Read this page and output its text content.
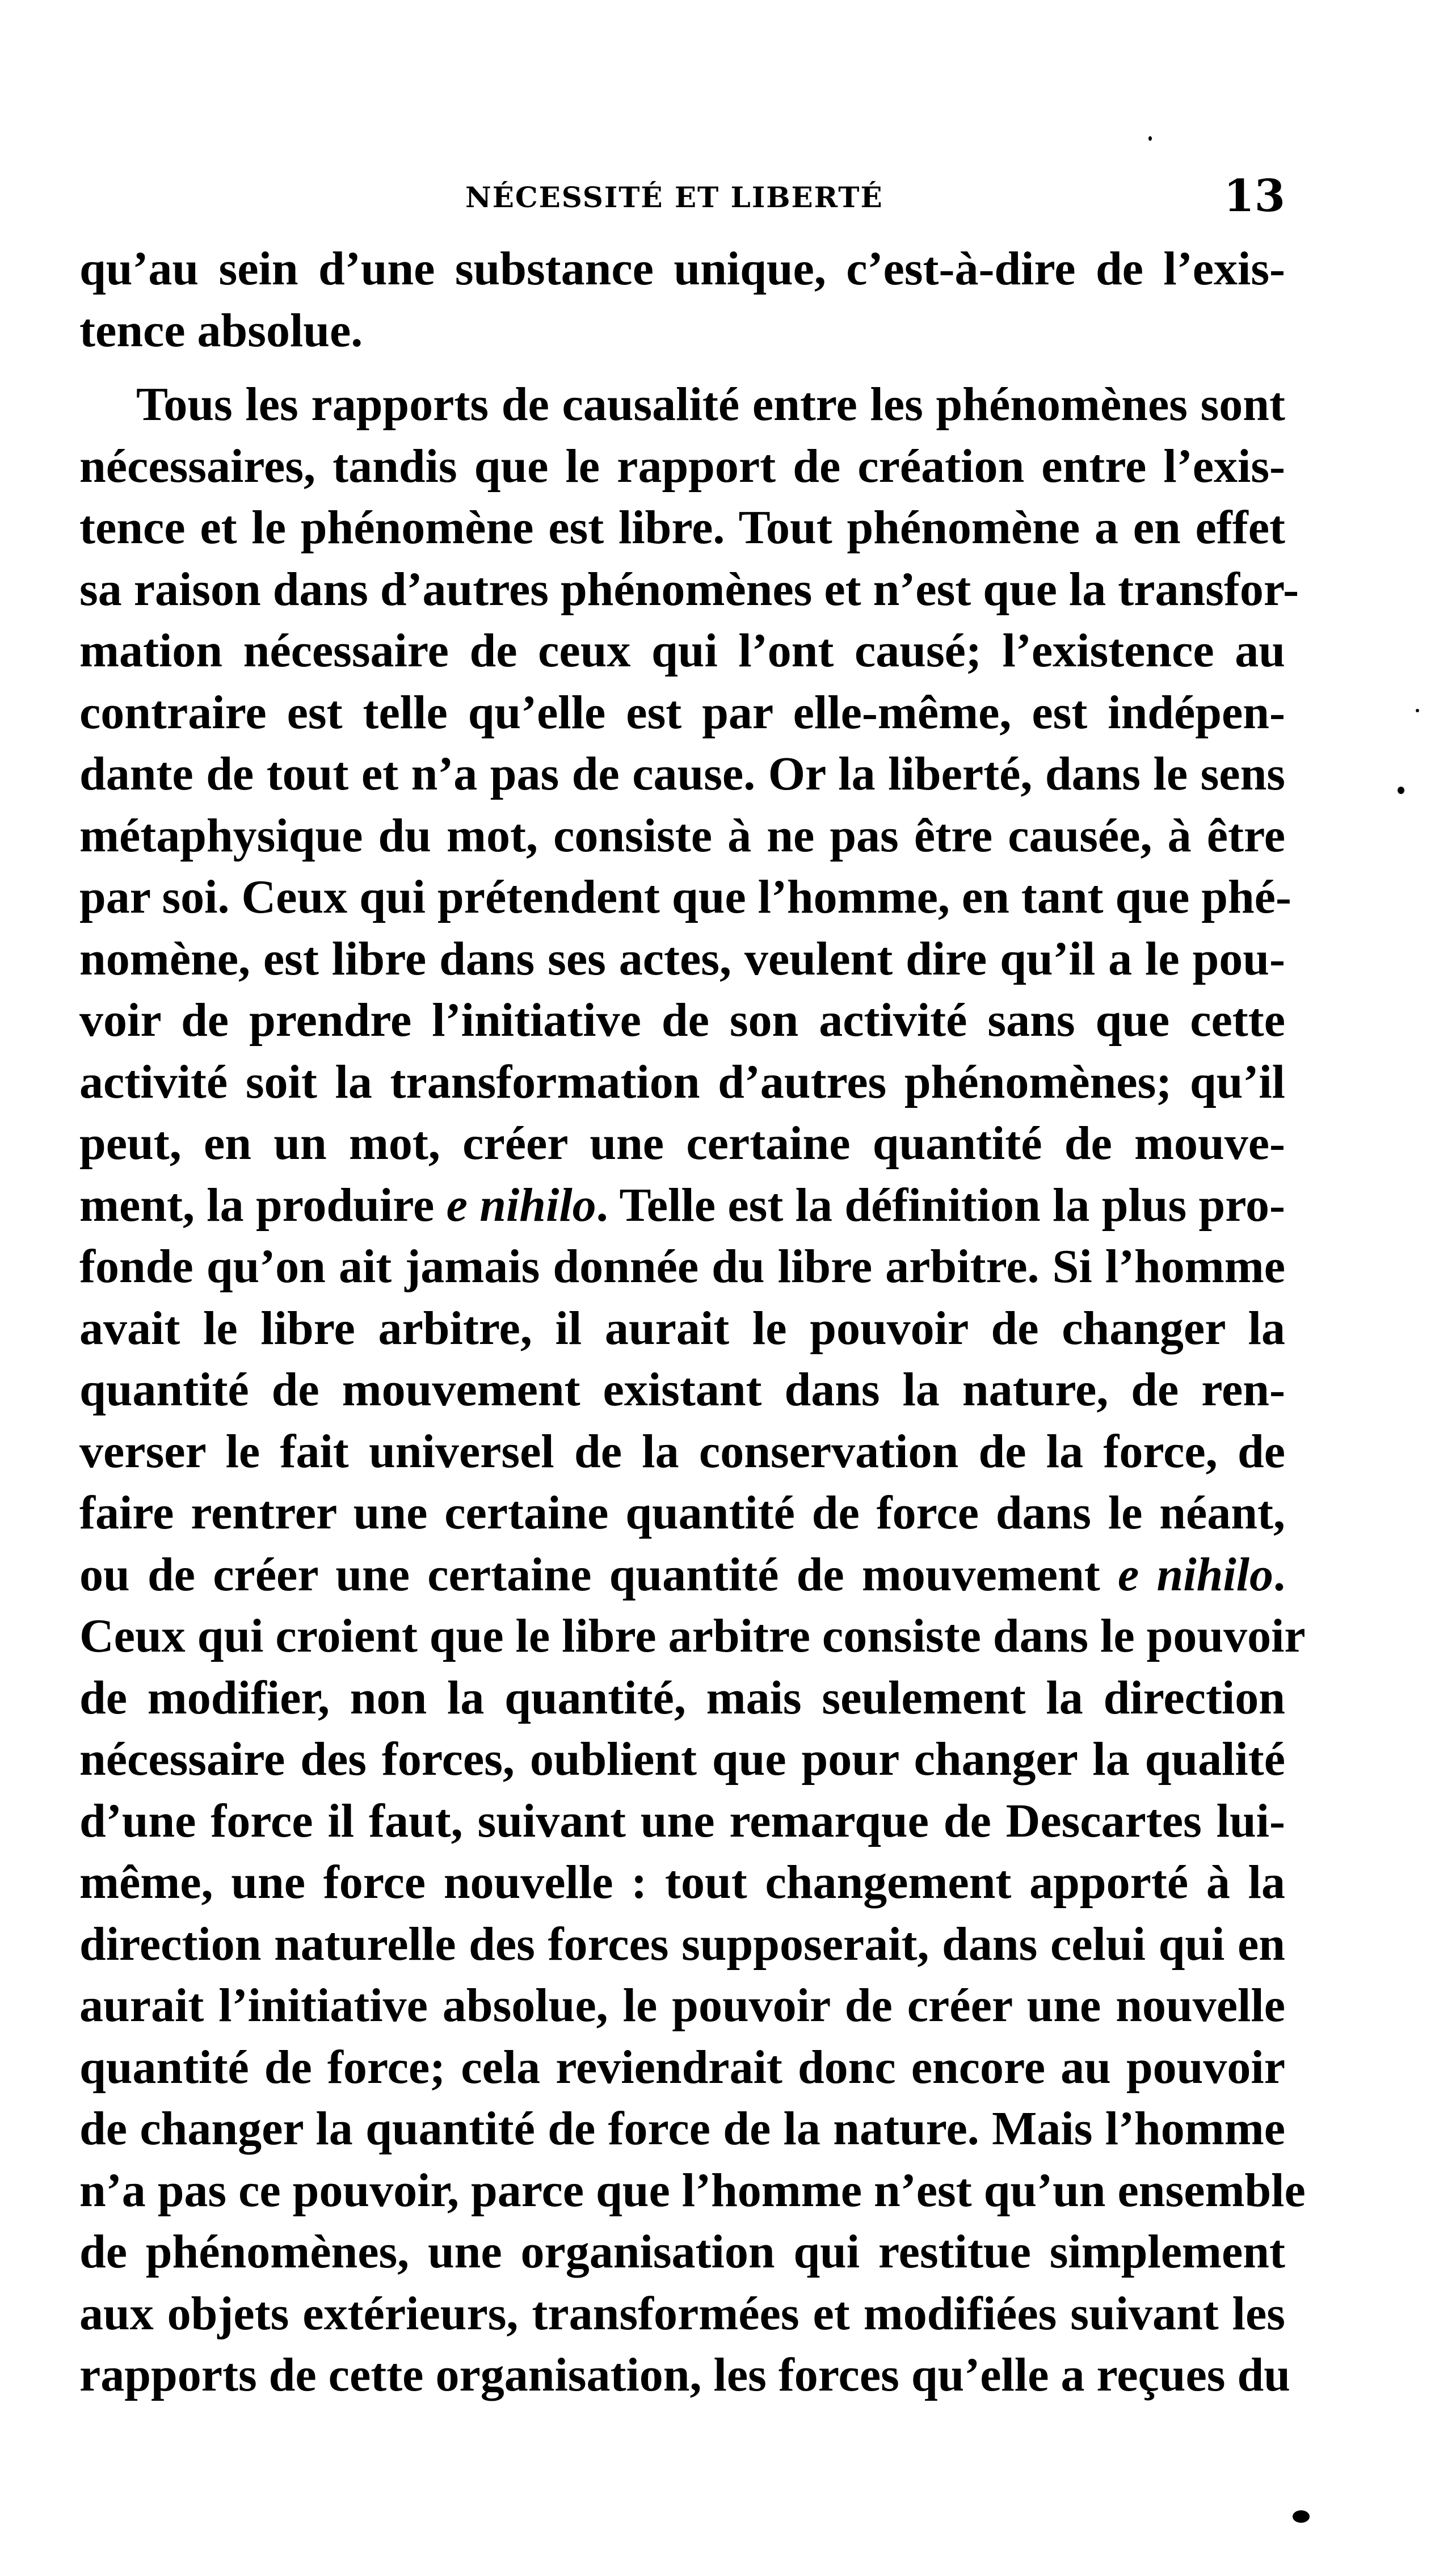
NÉCESSITÉ ET LIBERTÉ	13
qu’au sein d’une substance unique, c’est-à-dire de l’exis-
tence absolue.
Tous les rapports de causalité entre les phénomènes sont
nécessaires, tandis que le rapport de création entre l’exis-
tence et le phénomène est libre. Tout phénomène a en effet
sa raison dans d’autres phénomènes et n’est que la transfor-
mation nécessaire de ceux qui l’ont causé; l’existence au
contraire est telle qu’elle est par elle-même, est indépen-
dante de tout et n’a pas de cause. Or la liberté, dans le sens
métaphysique du mot, consiste à ne pas être causée, à être
par soi. Ceux qui prétendent que l’homme, en tant que phé-
nomène, est libre dans ses actes, veulent dire qu’il a le pou-
voir de prendre l’initiative de son activité sans que cette
activité soit la transformation d’autres phénomènes; qu’il
peut, en un mot, créer une certaine quantité de mouve-
ment, la produire e nihilo. Telle est la définition la plus pro-
fonde qu’on ait jamais donnée du libre arbitre. Si l’homme
avait le libre arbitre, il aurait le pouvoir de changer la
quantité de mouvement existant dans la nature, de ren-
verser le fait universel de la conservation de la force, de
faire rentrer une certaine quantité de force dans le néant,
ou de créer une certaine quantité de mouvement e nihilo.
Ceux qui croient que le libre arbitre consiste dans le pouvoir
de modifier, non la quantité, mais seulement la direction
nécessaire des forces, oublient que pour changer la qualité
d’une force il faut, suivant une remarque de Descartes lui-
même, une force nouvelle : tout changement apporté à la
direction naturelle des forces supposerait, dans celui qui en
aurait l’initiative absolue, le pouvoir de créer une nouvelle
quantité de force; cela reviendrait donc encore au pouvoir
de changer la quantité de force de la nature. Mais l’homme
n’a pas ce pouvoir, parce que l’homme n’est qu’un ensemble
de phénomènes, une organisation qui restitue simplement
aux objets extérieurs, transformées et modifiées suivant les
rapports de cette organisation, les forces qu’elle a reçues du
